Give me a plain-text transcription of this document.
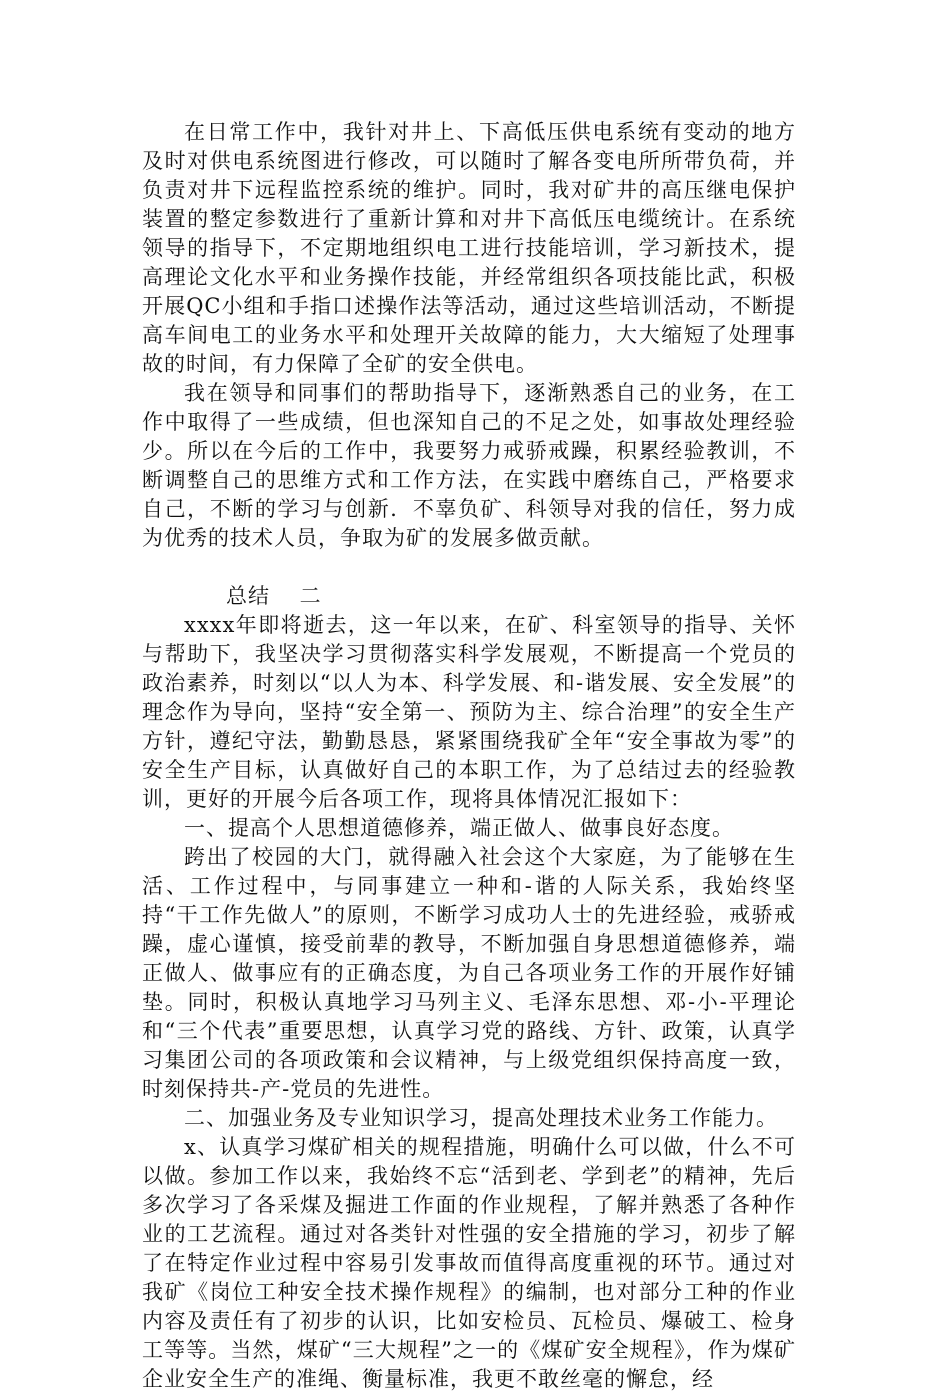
在日常工作中，我针对井上、下高低压供电系统有变动的地方及时对供电系统图进行修改，可以随时了解各变电所所带负荷，并负责对井下远程监控系统的维护。同时，我对矿井的高压继电保护装置的整定参数进行了重新计算和对井下高低压电缆统计。在系统领导的指导下，不定期地组织电工进行技能培训，学习新技术，提高理论文化水平和业务操作技能，并经常组织各项技能比武，积极开展QC小组和手指口述操作法等活动，通过这些培训活动，不断提高车间电工的业务水平和处理开关故障的能力，大大缩短了处理事故的时间，有力保障了全矿的安全供电。

我在领导和同事们的帮助指导下，逐渐熟悉自己的业务，在工作中取得了一些成绩，但也深知自己的不足之处，如事故处理经验少。所以在今后的工作中，我要努力戒骄戒躁，积累经验教训，不断调整自己的思维方式和工作方法，在实践中磨练自己，严格要求自己，不断的学习与创新．不辜负矿、科领导对我的信任，努力成为优秀的技术人员，争取为矿的发展多做贡献。

总结　 二

xxxx年即将逝去，这一年以来，在矿、科室领导的指导、关怀与帮助下，我坚决学习贯彻落实科学发展观，不断提高一个党员的政治素养，时刻以“以人为本、科学发展、和-谐发展、安全发展”的理念作为导向，坚持“安全第一、预防为主、综合治理”的安全生产方针，遵纪守法，勤勤恳恳，紧紧围绕我矿全年“安全事故为零”的安全生产目标，认真做好自己的本职工作，为了总结过去的经验教训，更好的开展今后各项工作，现将具体情况汇报如下：

一、提高个人思想道德修养，端正做人、做事良好态度。

跨出了校园的大门，就得融入社会这个大家庭，为了能够在生活、工作过程中，与同事建立一种和-谐的人际关系，我始终坚持“干工作先做人”的原则，不断学习成功人士的先进经验，戒骄戒躁，虚心谨慎，接受前辈的教导，不断加强自身思想道德修养，端正做人、做事应有的正确态度，为自己各项业务工作的开展作好铺垫。同时，积极认真地学习马列主义、毛泽东思想、邓-小-平理论和“三个代表”重要思想，认真学习党的路线、方针、政策，认真学习集团公司的各项政策和会议精神，与上级党组织保持高度一致，时刻保持共-产-党员的先进性。

二、加强业务及专业知识学习，提高处理技术业务工作能力。

x、认真学习煤矿相关的规程措施，明确什么可以做，什么不可以做。参加工作以来，我始终不忘“活到老、学到老”的精神，先后多次学习了各采煤及掘进工作面的作业规程，了解并熟悉了各种作业的工艺流程。通过对各类针对性强的安全措施的学习，初步了解了在特定作业过程中容易引发事故而值得高度重视的环节。通过对我矿《岗位工种安全技术操作规程》的编制，也对部分工种的作业内容及责任有了初步的认识，比如安检员、瓦检员、爆破工、检身工等等。当然，煤矿“三大规程”之一的《煤矿安全规程》，作为煤矿企业安全生产的准绳、衡量标准，我更不敢丝毫的懈怠，经
